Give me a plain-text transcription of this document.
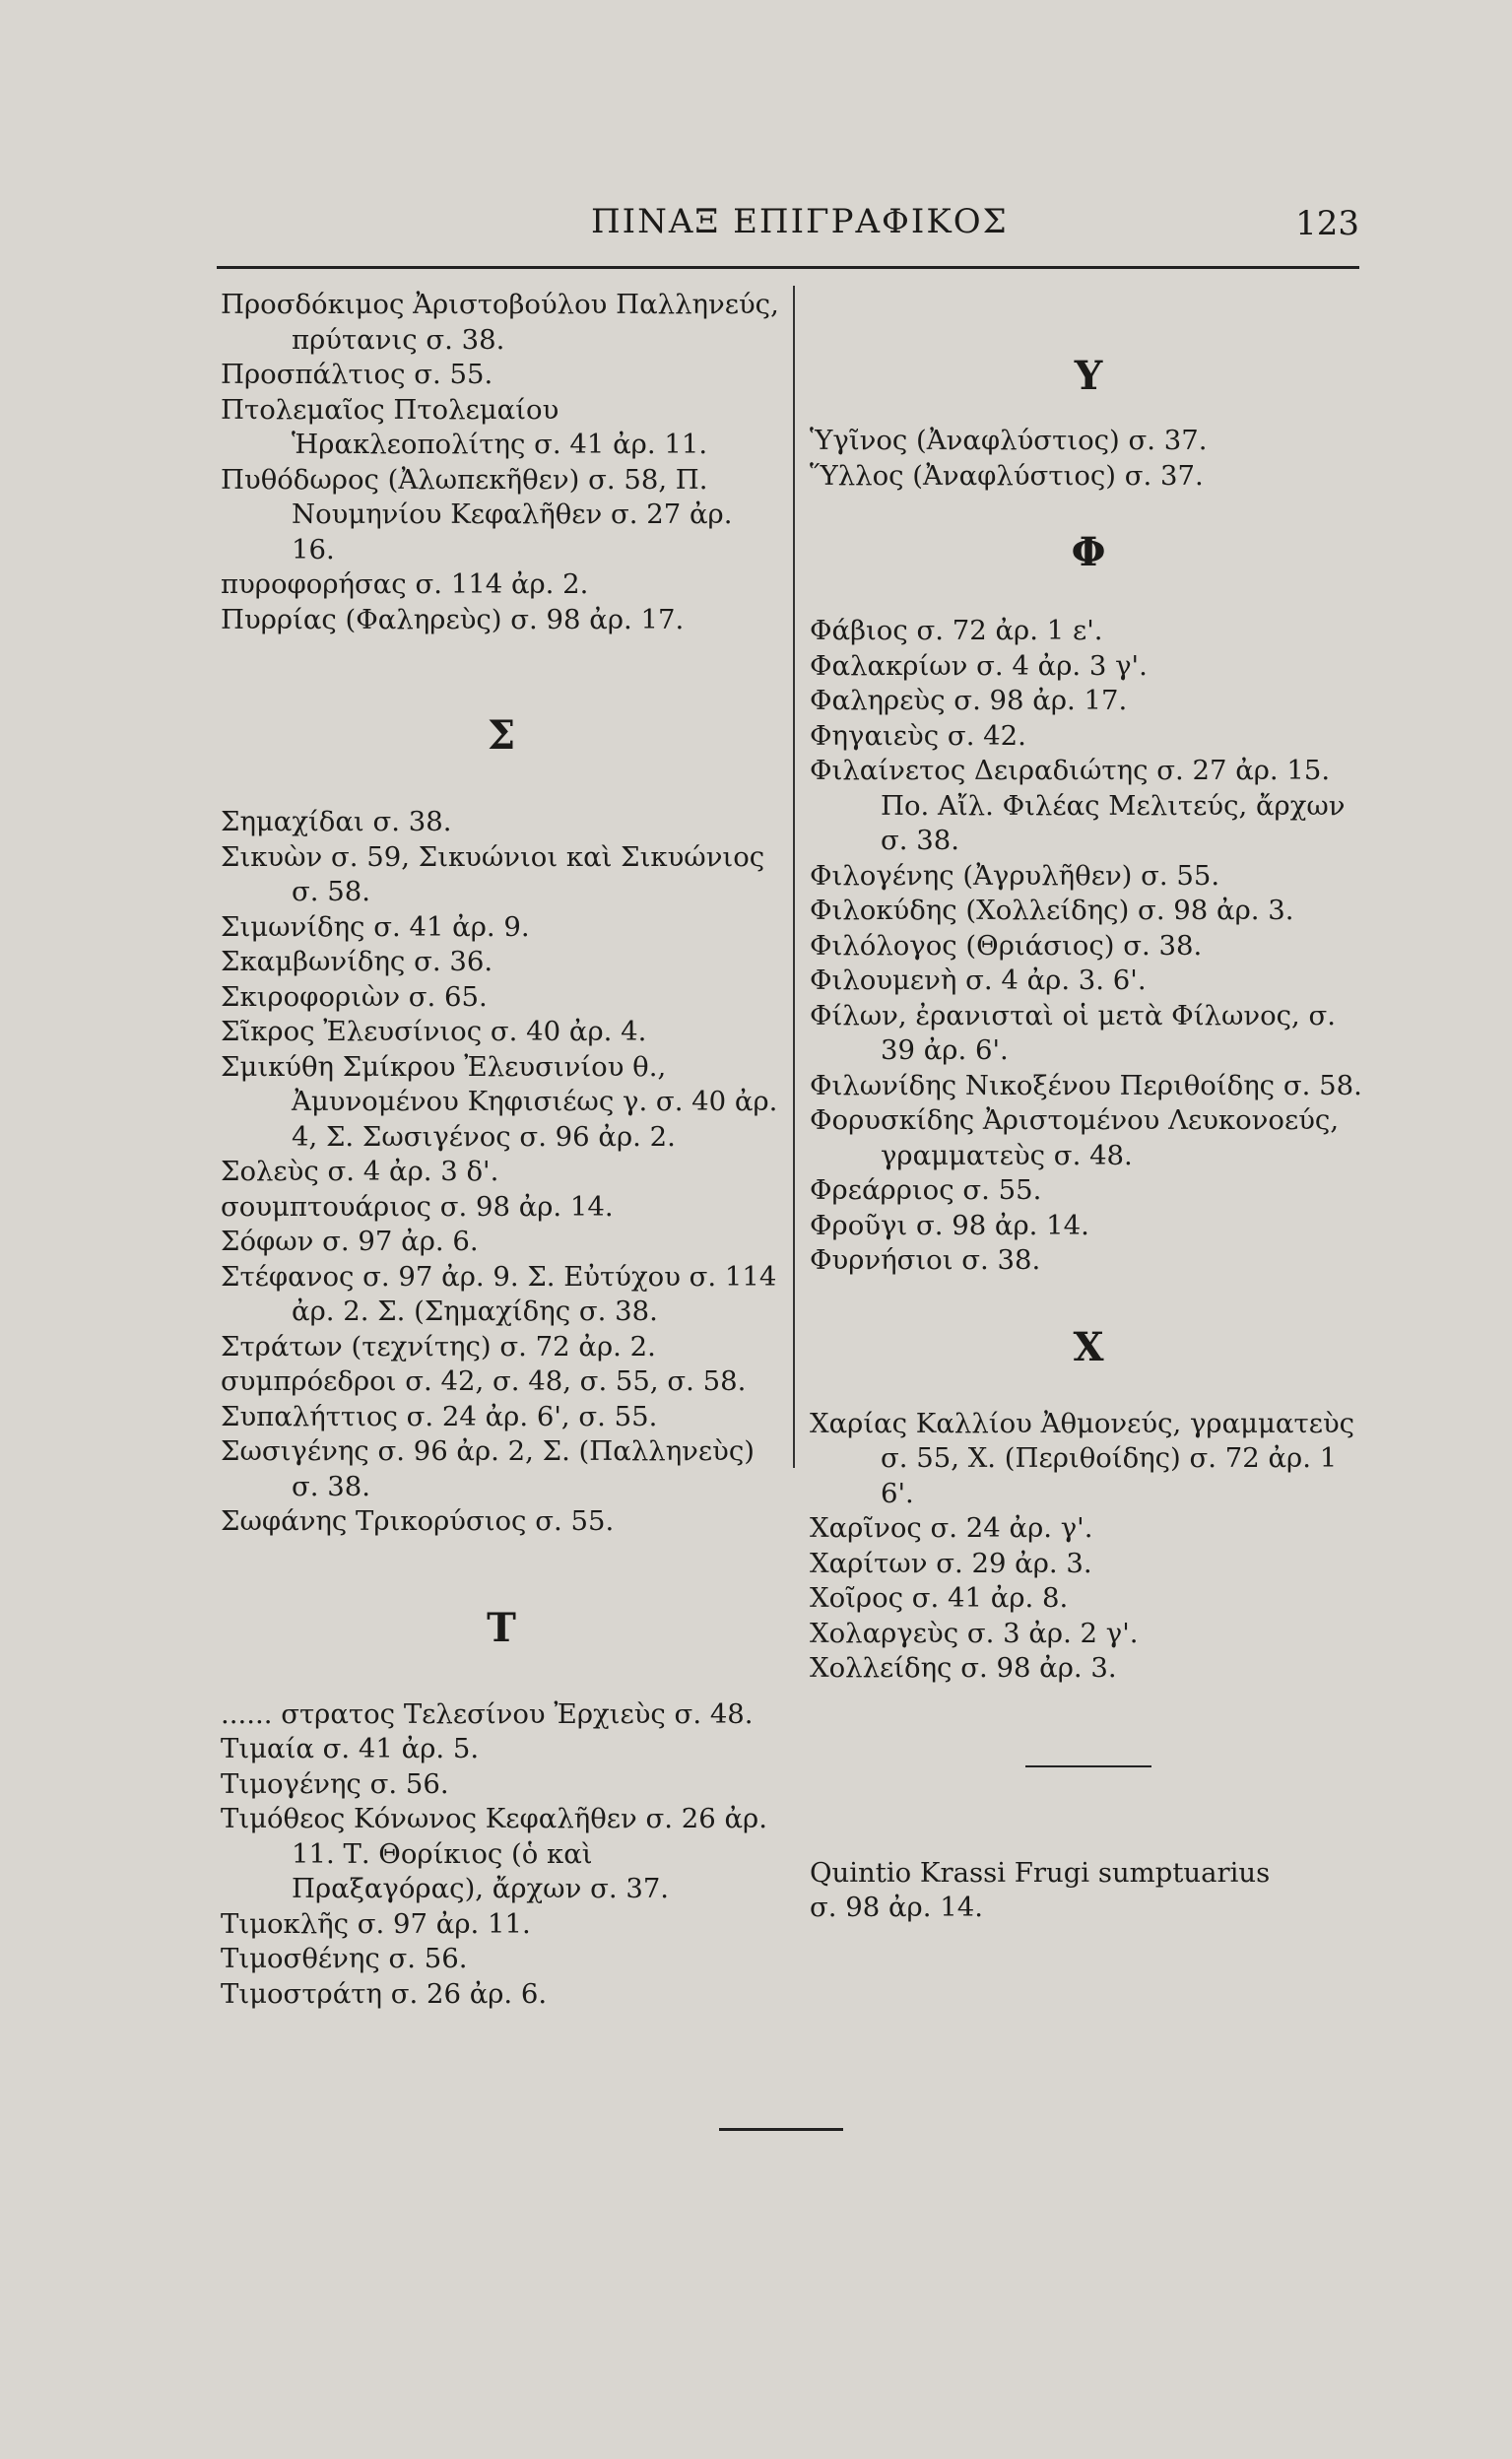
ΠΙΝΑΞ ΕΠΙΓΡΑΦΙΚΟΣ	123
Προσδόκιμος Ἀριστοβούλου Παλληνεύς, πρύτανις σ. 38.
Προσπάλτιος σ. 55.
Πτολεμαῖος Πτολεμαίου Ἡρακλεοπολίτης σ. 41 ἀρ. 11.
Πυθόδωρος (Ἀλωπεκῆθεν) σ. 58, Π. Νουμηνίου Κεφαλῆθεν σ. 27 ἀρ. 16.
πυροφορήσας σ. 114 ἀρ. 2.
Πυρρίας (Φαληρεὺς) σ. 98 ἀρ. 17.
Σ
Σημαχίδαι σ. 38.
Σικυὼν σ. 59, Σικυώνιοι καὶ Σικυώνιος σ. 58.
Σιμωνίδης σ. 41 ἀρ. 9.
Σκαμβωνίδης σ. 36.
Σκιροφοριὼν σ. 65.
Σῖκρος Ἐλευσίνιος σ. 40 ἀρ. 4.
Σμικύθη Σμίκρου Ἐλευσινίου θ., Ἀμυνομένου Κηφισιέως γ. σ. 40 ἀρ. 4, Σ. Σωσιγένος σ. 96 ἀρ. 2.
Σολεὺς σ. 4 ἀρ. 3 δ'.
σουμπτουάριος σ. 98 ἀρ. 14.
Σόφων σ. 97 ἀρ. 6.
Στέφανος σ. 97 ἀρ. 9. Σ. Εὐτύχου σ. 114 ἀρ. 2. Σ. (Σημαχίδης σ. 38.
Στράτων (τεχνίτης) σ. 72 ἀρ. 2.
συμπρόεδροι σ. 42, σ. 48, σ. 55, σ. 58.
Συπαλήττιος σ. 24 ἀρ. 6', σ. 55.
Σωσιγένης σ. 96 ἀρ. 2, Σ. (Παλληνεὺς) σ. 38.
Σωφάνης Τρικορύσιος σ. 55.
Τ
...... στρατος Τελεσίνου Ἐρχιεὺς σ. 48.
Τιμαία σ. 41 ἀρ. 5.
Τιμογένης σ. 56.
Τιμόθεος Κόνωνος Κεφαλῆθεν σ. 26 ἀρ. 11. Τ. Θορίκιος (ὁ καὶ Πραξαγόρας), ἄρχων σ. 37.
Τιμοκλῆς σ. 97 ἀρ. 11.
Τιμοσθένης σ. 56.
Τιμοστράτη σ. 26 ἀρ. 6.
Υ
Ὑγῖνος (Ἀναφλύστιος) σ. 37.
Ὕλλος (Ἀναφλύστιος) σ. 37.
Φ
Φάβιος σ. 72 ἀρ. 1 ε'.
Φαλακρίων σ. 4 ἀρ. 3 γ'.
Φαληρεὺς σ. 98 ἀρ. 17.
Φηγαιεὺς σ. 42.
Φιλαίνετος Δειραδιώτης σ. 27 ἀρ. 15. Πο. Αἴλ. Φιλέας Μελιτεύς, ἄρχων σ. 38.
Φιλογένης (Ἀγρυλῆθεν) σ. 55.
Φιλοκύδης (Χολλείδης) σ. 98 ἀρ. 3.
Φιλόλογος (Θριάσιος) σ. 38.
Φιλουμενὴ σ. 4 ἀρ. 3. 6'.
Φίλων, ἐρανισταὶ οἱ μετὰ Φίλωνος, σ. 39 ἀρ. 6'.
Φιλωνίδης Νικοξένου Περιθοίδης σ. 58.
Φορυσκίδης Ἀριστομένου Λευκονοεύς, γραμματεὺς σ. 48.
Φρεάρριος σ. 55.
Φροῦγι σ. 98 ἀρ. 14.
Φυρνήσιοι σ. 38.
Χ
Χαρίας Καλλίου Ἀθμονεύς, γραμματεὺς σ. 55, Χ. (Περιθοίδης) σ. 72 ἀρ. 1 6'.
Χαρῖνος σ. 24 ἀρ. γ'.
Χαρίτων σ. 29 ἀρ. 3.
Χοῖρος σ. 41 ἀρ. 8.
Χολαργεὺς σ. 3 ἀρ. 2 γ'.
Χολλείδης σ. 98 ἀρ. 3.
Quintio Krassi Frugi sumptuarius
σ. 98 ἀρ. 14.
